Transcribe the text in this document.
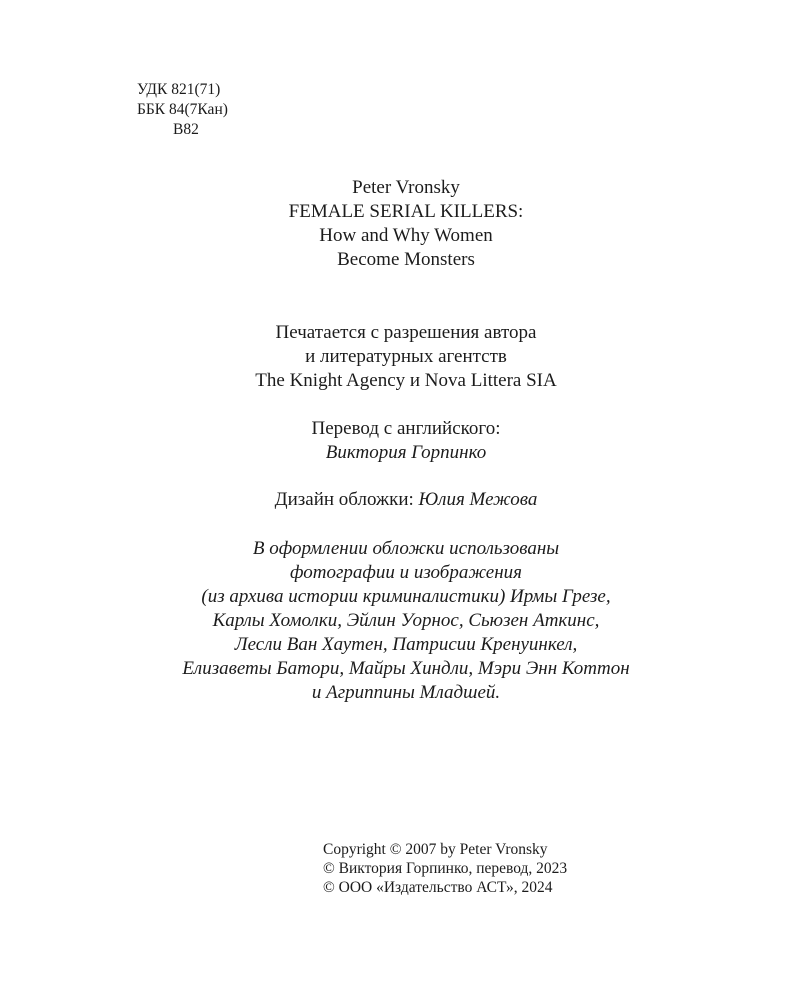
УДК 821(71)
ББК 84(7Кан)
В82
Peter Vronsky
FEMALE SERIAL KILLERS:
How and Why Women
Become Monsters
Печатается с разрешения автора
и литературных агентств
The Knight Agency и Nova Littera SIA
Перевод с английского:
Виктория Горпинко
Дизайн обложки: Юлия Межова
В оформлении обложки использованы
фотографии и изображения
(из архива истории криминалистики) Ирмы Грезе,
Карлы Хомолки, Эйлин Уорнос, Сьюзен Аткинс,
Лесли Ван Хаутен, Патрисии Кренуинкел,
Елизаветы Батори, Майры Хиндли, Мэри Энн Коттон
и Агриппины Младшей.
Copyright © 2007 by Peter Vronsky
© Виктория Горпинко, перевод, 2023
© ООО «Издательство АСТ», 2024
